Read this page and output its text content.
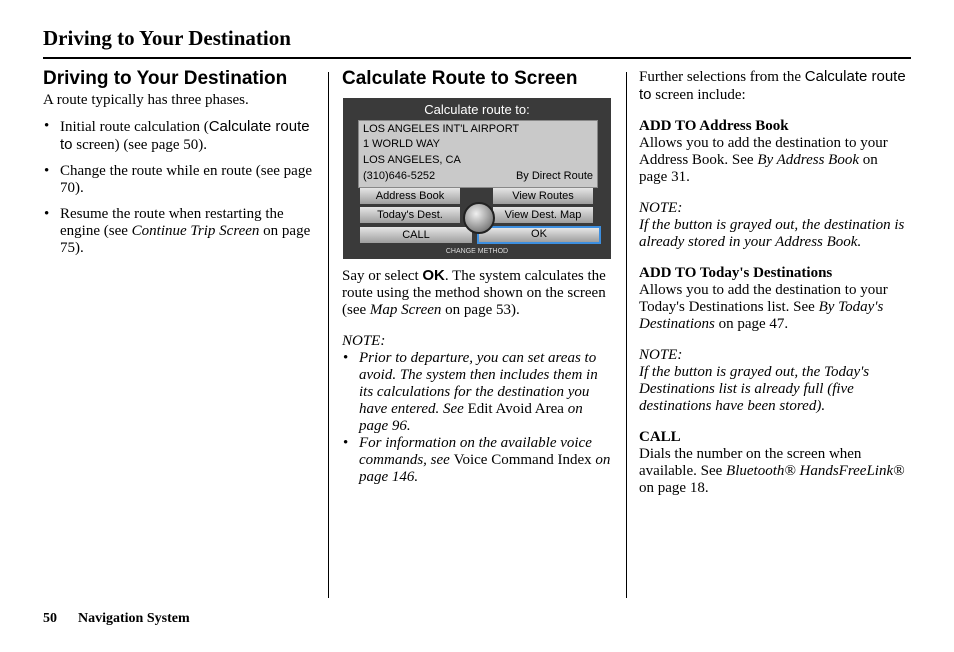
Driving to Your Destination
Driving to Your Destination

A route typically has three phases.

• Initial route calculation (Calculate route to screen) (see page 50).

• Change the route while en route (see page 70).

• Resume the route when restarting the engine (see Continue Trip Screen on page 75).

Calculate Route to Screen
Calculate route to:
LOS ANGELES INT'L AIRPORT
1 WORLD WAY
LOS ANGELES, CA
(310)646-5252	By Direct Route
Address Book	View Routes
Today's Dest.	View Dest. Map
CALL	OK
CHANGE METHOD

Say or select OK. The system calculates the route using the method shown on the screen (see Map Screen on page 53).

NOTE:

• Prior to departure, you can set areas to avoid. The system then includes them in its calculations for the destination you have entered. See Edit Avoid Area on page 96.

• For information on the available voice commands, see Voice Command Index on page 146.

Further selections from the Calculate route to screen include:

ADD TO Address Book

Allows you to add the destination to your Address Book. See By Address Book on page 31.

NOTE:

If the button is grayed out, the destination is already stored in your Address Book.

ADD TO Today's Destinations

Allows you to add the destination to your Today's Destinations list. See By Today's Destinations on page 47.

NOTE:

If the button is grayed out, the Today's Destinations list is already full (five destinations have been stored).

CALL

Dials the number on the screen when available. See Bluetooth® HandsFreeLink® on page 18.

50 Navigation System
